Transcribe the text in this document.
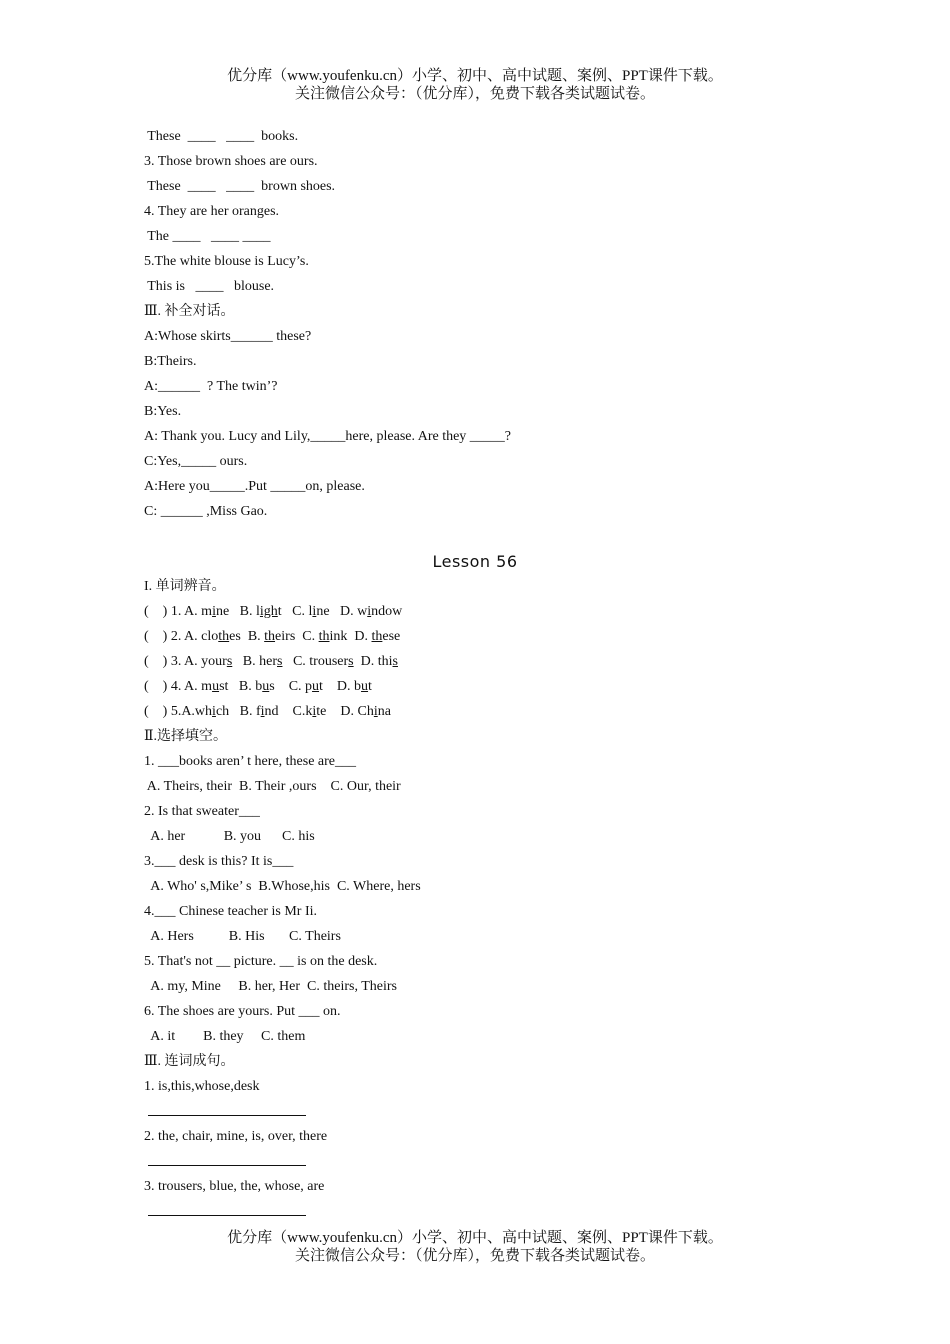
优分库（www.youfenku.cn）小学、初中、高中试题、案例、PPT课件下载。
关注微信公众号：（优分库），免费下载各类试题试卷。
These  ____   ____  books.
3. Those brown shoes are ours.
These  ____   ____  brown shoes.
4. They are her oranges.
The ____   ____ ____
5.The white blouse is Lucy’s.
This is   ____   blouse.
Ⅲ. 补全对话。
A:Whose skirts______ these?
B:Theirs.
A:______  ? The twin’?
B:Yes.
A: Thank you. Lucy and Lily,_____here, please. Are they _____?
C:Yes,_____ ours.
A:Here you_____.Put _____on, please.
C: ______ ,Miss Gao.
Lesson 56
I. 单词辨音。
(    ) 1. A. mine   B. light   C. line   D. window
(    ) 2. A. clothes  B. theirs  C. think  D. these
(    ) 3. A. yours   B. hers   C. trousers  D. this
(    ) 4. A. must   B. bus    C. put    D. but
(    ) 5.A.which   B. find    C.kite    D. China
Ⅱ.选择填空。
1. ___books aren’ t here, these are___
A. Theirs, their  B. Their ,ours    C. Our, their
2. Is that sweater___
A. her           B. you      C. his
3.___ desk is this? It is___
A. Who' s,Mike’ s  B.Whose,his  C. Where, hers
4.___ Chinese teacher is Mr Ii.
A. Hers          B. His       C. Theirs
5. That's not __ picture. __ is on the desk.
A. my, Mine     B. her, Her  C. theirs, Theirs
6. The shoes are yours. Put ___ on.
A. it        B. they     C. them
Ⅲ. 连词成句。
1. is,this,whose,desk
2. the, chair, mine, is, over, there
3. trousers, blue, the, whose, are
优分库（www.youfenku.cn）小学、初中、高中试题、案例、PPT课件下载。
关注微信公众号：（优分库），免费下载各类试题试卷。
